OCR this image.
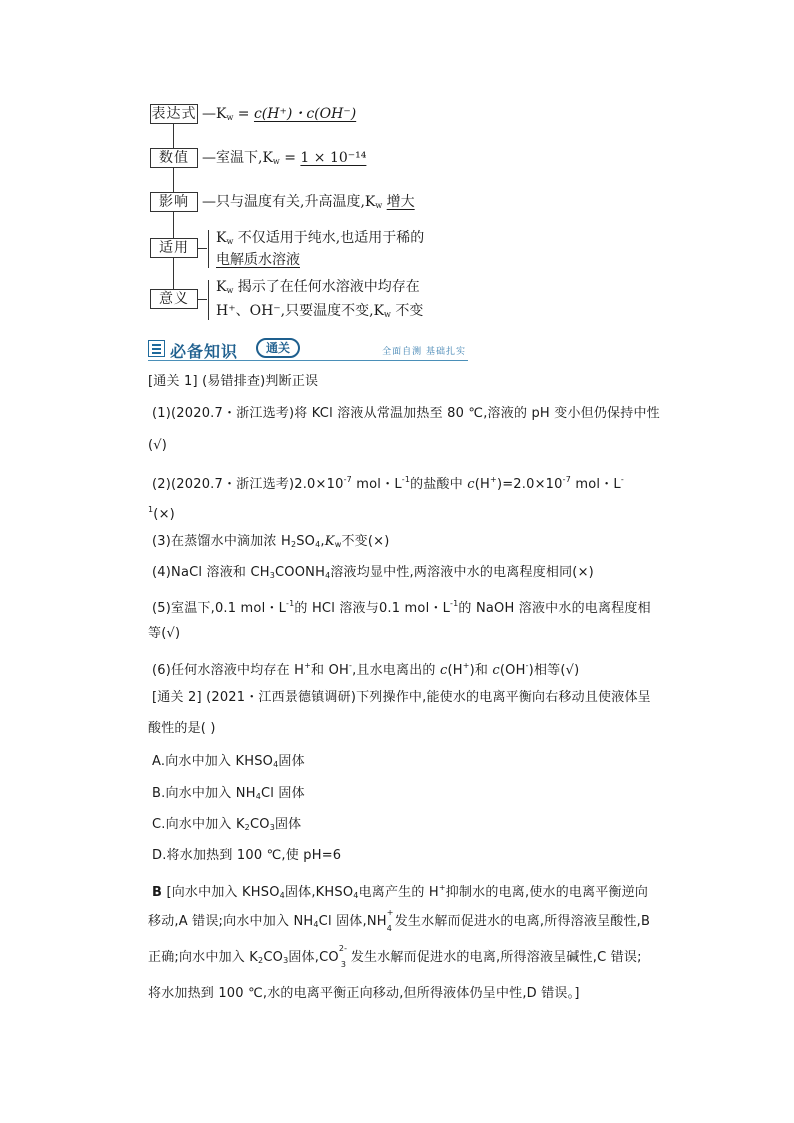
表达式 $—K_w = c(H^+)$・c(OH⁻)
数值 —室温下$,K_w = 1 \times 10^{-14}$
影响 —只与温度有关,升高温度$,K_w$ 增大
适用
$K_w$ 不仅适用于纯水,也适用于稀的
电解质水溶液
意义
$K_w$ 揭示了在任何水溶液中均存在
H⁺、OH⁻,只要温度不变$,K_w$ 不变
必备知识	通关	全面自测 基础扎实
[通关 1] (易错排查)判断正误
(1)(2020.7・浙江选考)将 KCl 溶液从常温加热至 80 ℃,溶液的 pH 变小但仍保持中性
(√)
(2)(2020.7・浙江选考)$2.0\times 10^{-7}$ mol・$L^{-1}$的盐酸中 $c(H^+)=2.0\times 10^{-7}$ mol・L-
$^1$(×)
(3)在蒸馏水中滴加浓 $H_2SO_4,K_w$不变(×)
(4)NaCl 溶液和 $CH_3COONH_4$溶液均显中性,两溶液中水的电离程度相同(×)
(5)室温下,0.1 mol・$L^{-1}$的 HCl 溶液与0.1 mol・$L^{-1}$的 NaOH 溶液中水的电离程度相
等(√)
(6)任何水溶液中均存在 H+和 OH-,且水电离出的 c(H+)和 c(OH-)相等(√)
[通关 2] (2021・江西景德镇调研)下列操作中,能使水的电离平衡向右移动且使液体呈
酸性的是( )
A.向水中加入 $KHSO_4$固体
B.向水中加入 $NH_4Cl$ 固体
C.向水中加入 $K_2CO_3$固体
D.将水加热到 100 ℃,使 pH=6
B [向水中加入 $KHSO_4$固体$,KHSO_4$电离产生的 H+抑制水的电离,使水的电离平衡逆向
移动,A 错误;向水中加入 $NH_4Cl$ 固体,NH
+
4 发生水解而促进水的电离,所得溶液呈酸性,B
正确;向水中加入 $K_2CO_3$固体,CO
2-
3 发生水解而促进水的电离,所得溶液呈碱性,C 错误;
将水加热到 100 ℃,水的电离平衡正向移动,但所得液体仍呈中性,D 错误。]
